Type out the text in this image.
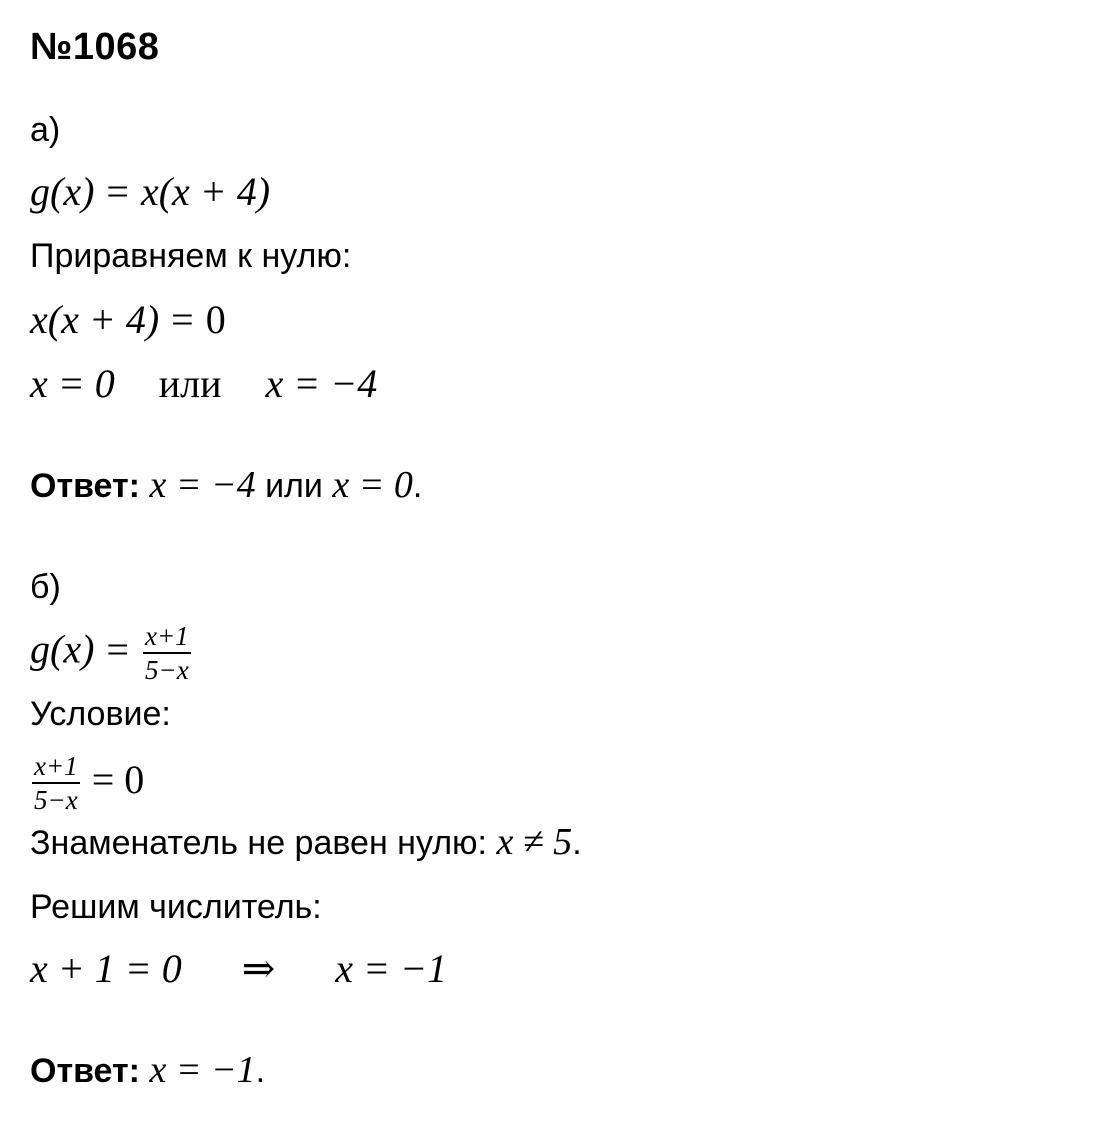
№1068
а)
g(x) = x(x + 4)
Приравняем к нулю:
x(x + 4) = 0
x = 0 или x = −4
Ответ: x = −4 или x = 0.
б)
$g(x) = \frac{x+1}{5-x}$
Условие:
$\frac{x+1}{5-x} = 0$
Знаменатель не равен нулю: x ≠ 5.
Решим числитель:
x + 1 = 0 ⇒ x = −1
Ответ: x = −1.
